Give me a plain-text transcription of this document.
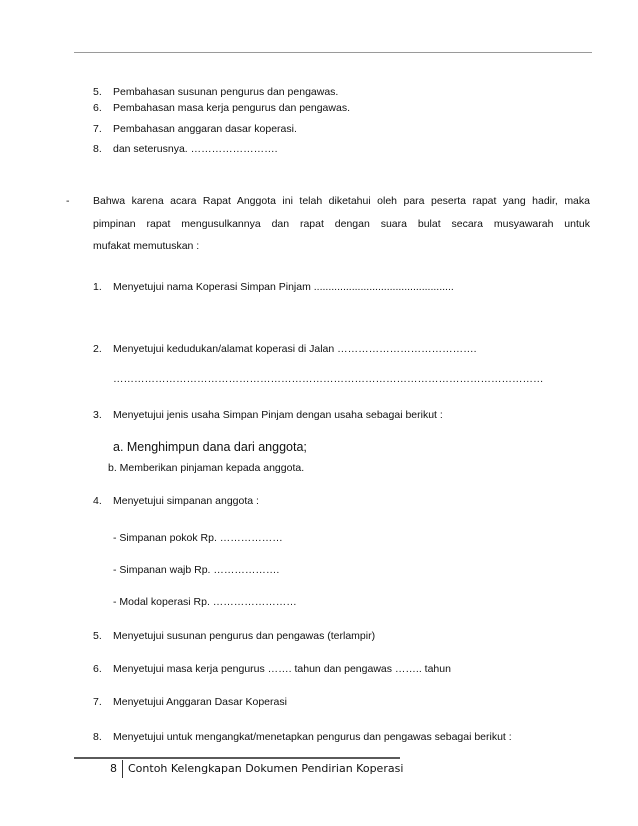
5. Pembahasan susunan pengurus dan pengawas.
6. Pembahasan masa kerja pengurus dan pengawas.
7. Pembahasan anggaran dasar koperasi.
8. dan seterusnya. …………………….
- Bahwa karena acara Rapat Anggota ini telah diketahui oleh para peserta rapat yang hadir, maka
pimpinan rapat mengusulkannya dan rapat dengan suara bulat secara musyawarah untuk
mufakat memutuskan :
1. Menyetujui nama Koperasi Simpan Pinjam ................................................
2. Menyetujui kedudukan/alamat koperasi di Jalan ………………………………….
……………………………………………………………………………………………………………
3. Menyetujui jenis usaha Simpan Pinjam dengan usaha sebagai berikut :
a. Menghimpun dana dari anggota;
b. Memberikan pinjaman kepada anggota.
4. Menyetujui simpanan anggota :
- Simpanan pokok Rp. ………………
- Simpanan wajb Rp. ……………….
- Modal koperasi Rp. ……………………
5. Menyetujui susunan pengurus dan pengawas (terlampir)
6. Menyetujui masa kerja pengurus ……. tahun dan pengawas …….. tahun
7. Menyetujui Anggaran Dasar Koperasi
8. Menyetujui untuk mengangkat/menetapkan pengurus dan pengawas sebagai berikut :
8 Contoh Kelengkapan Dokumen Pendirian Koperasi
